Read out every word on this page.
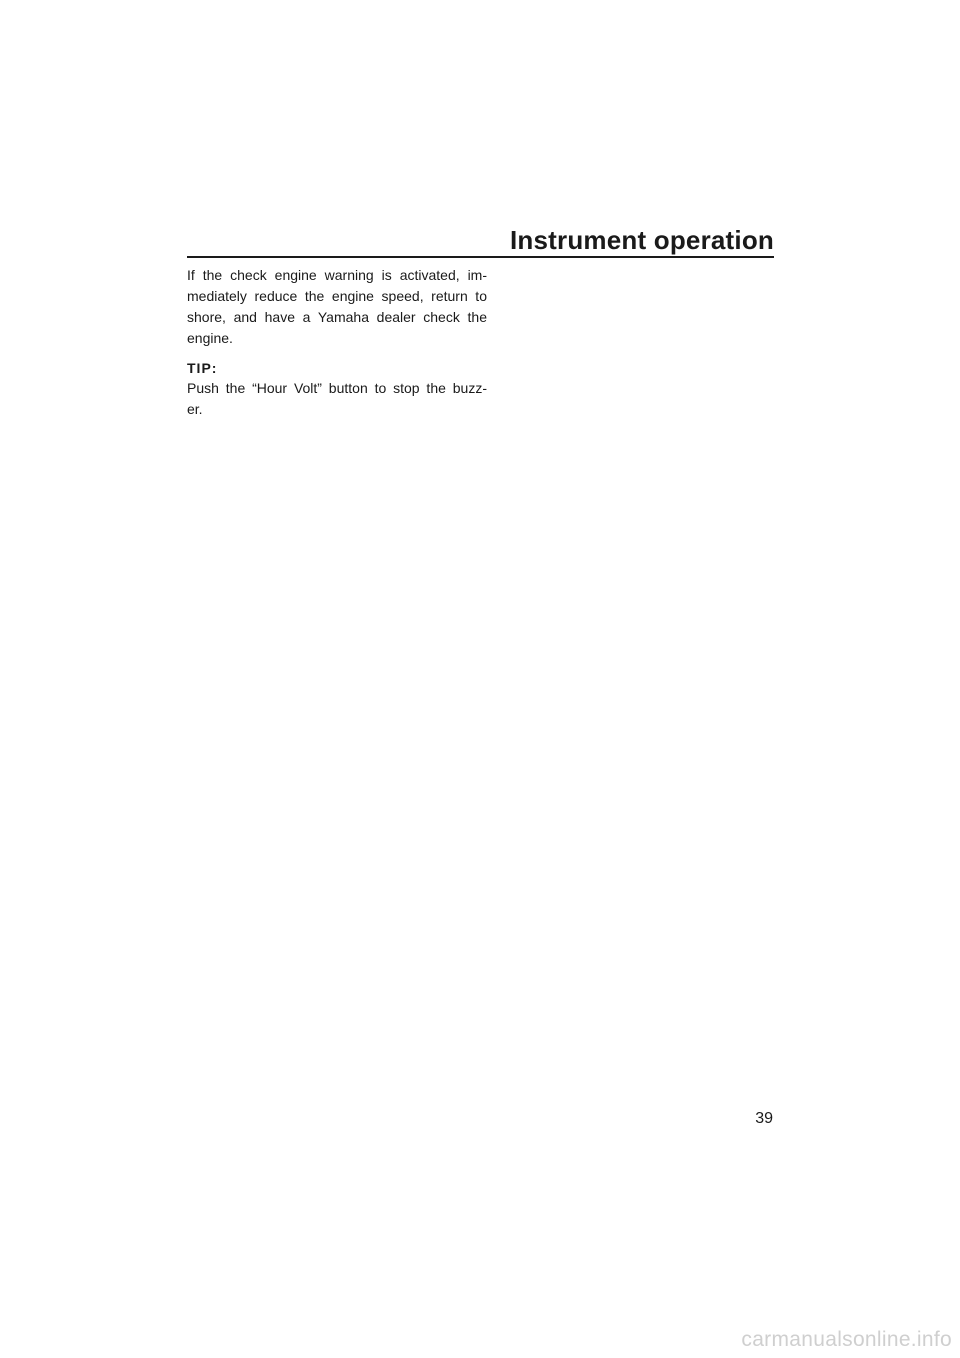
Instrument operation

If the check engine warning is activated, im-
mediately reduce the engine speed, return to
shore, and have a Yamaha dealer check the
engine.

TIP:
Push the “Hour Volt” button to stop the buzz-
er.
39
carmanualsonline.info
